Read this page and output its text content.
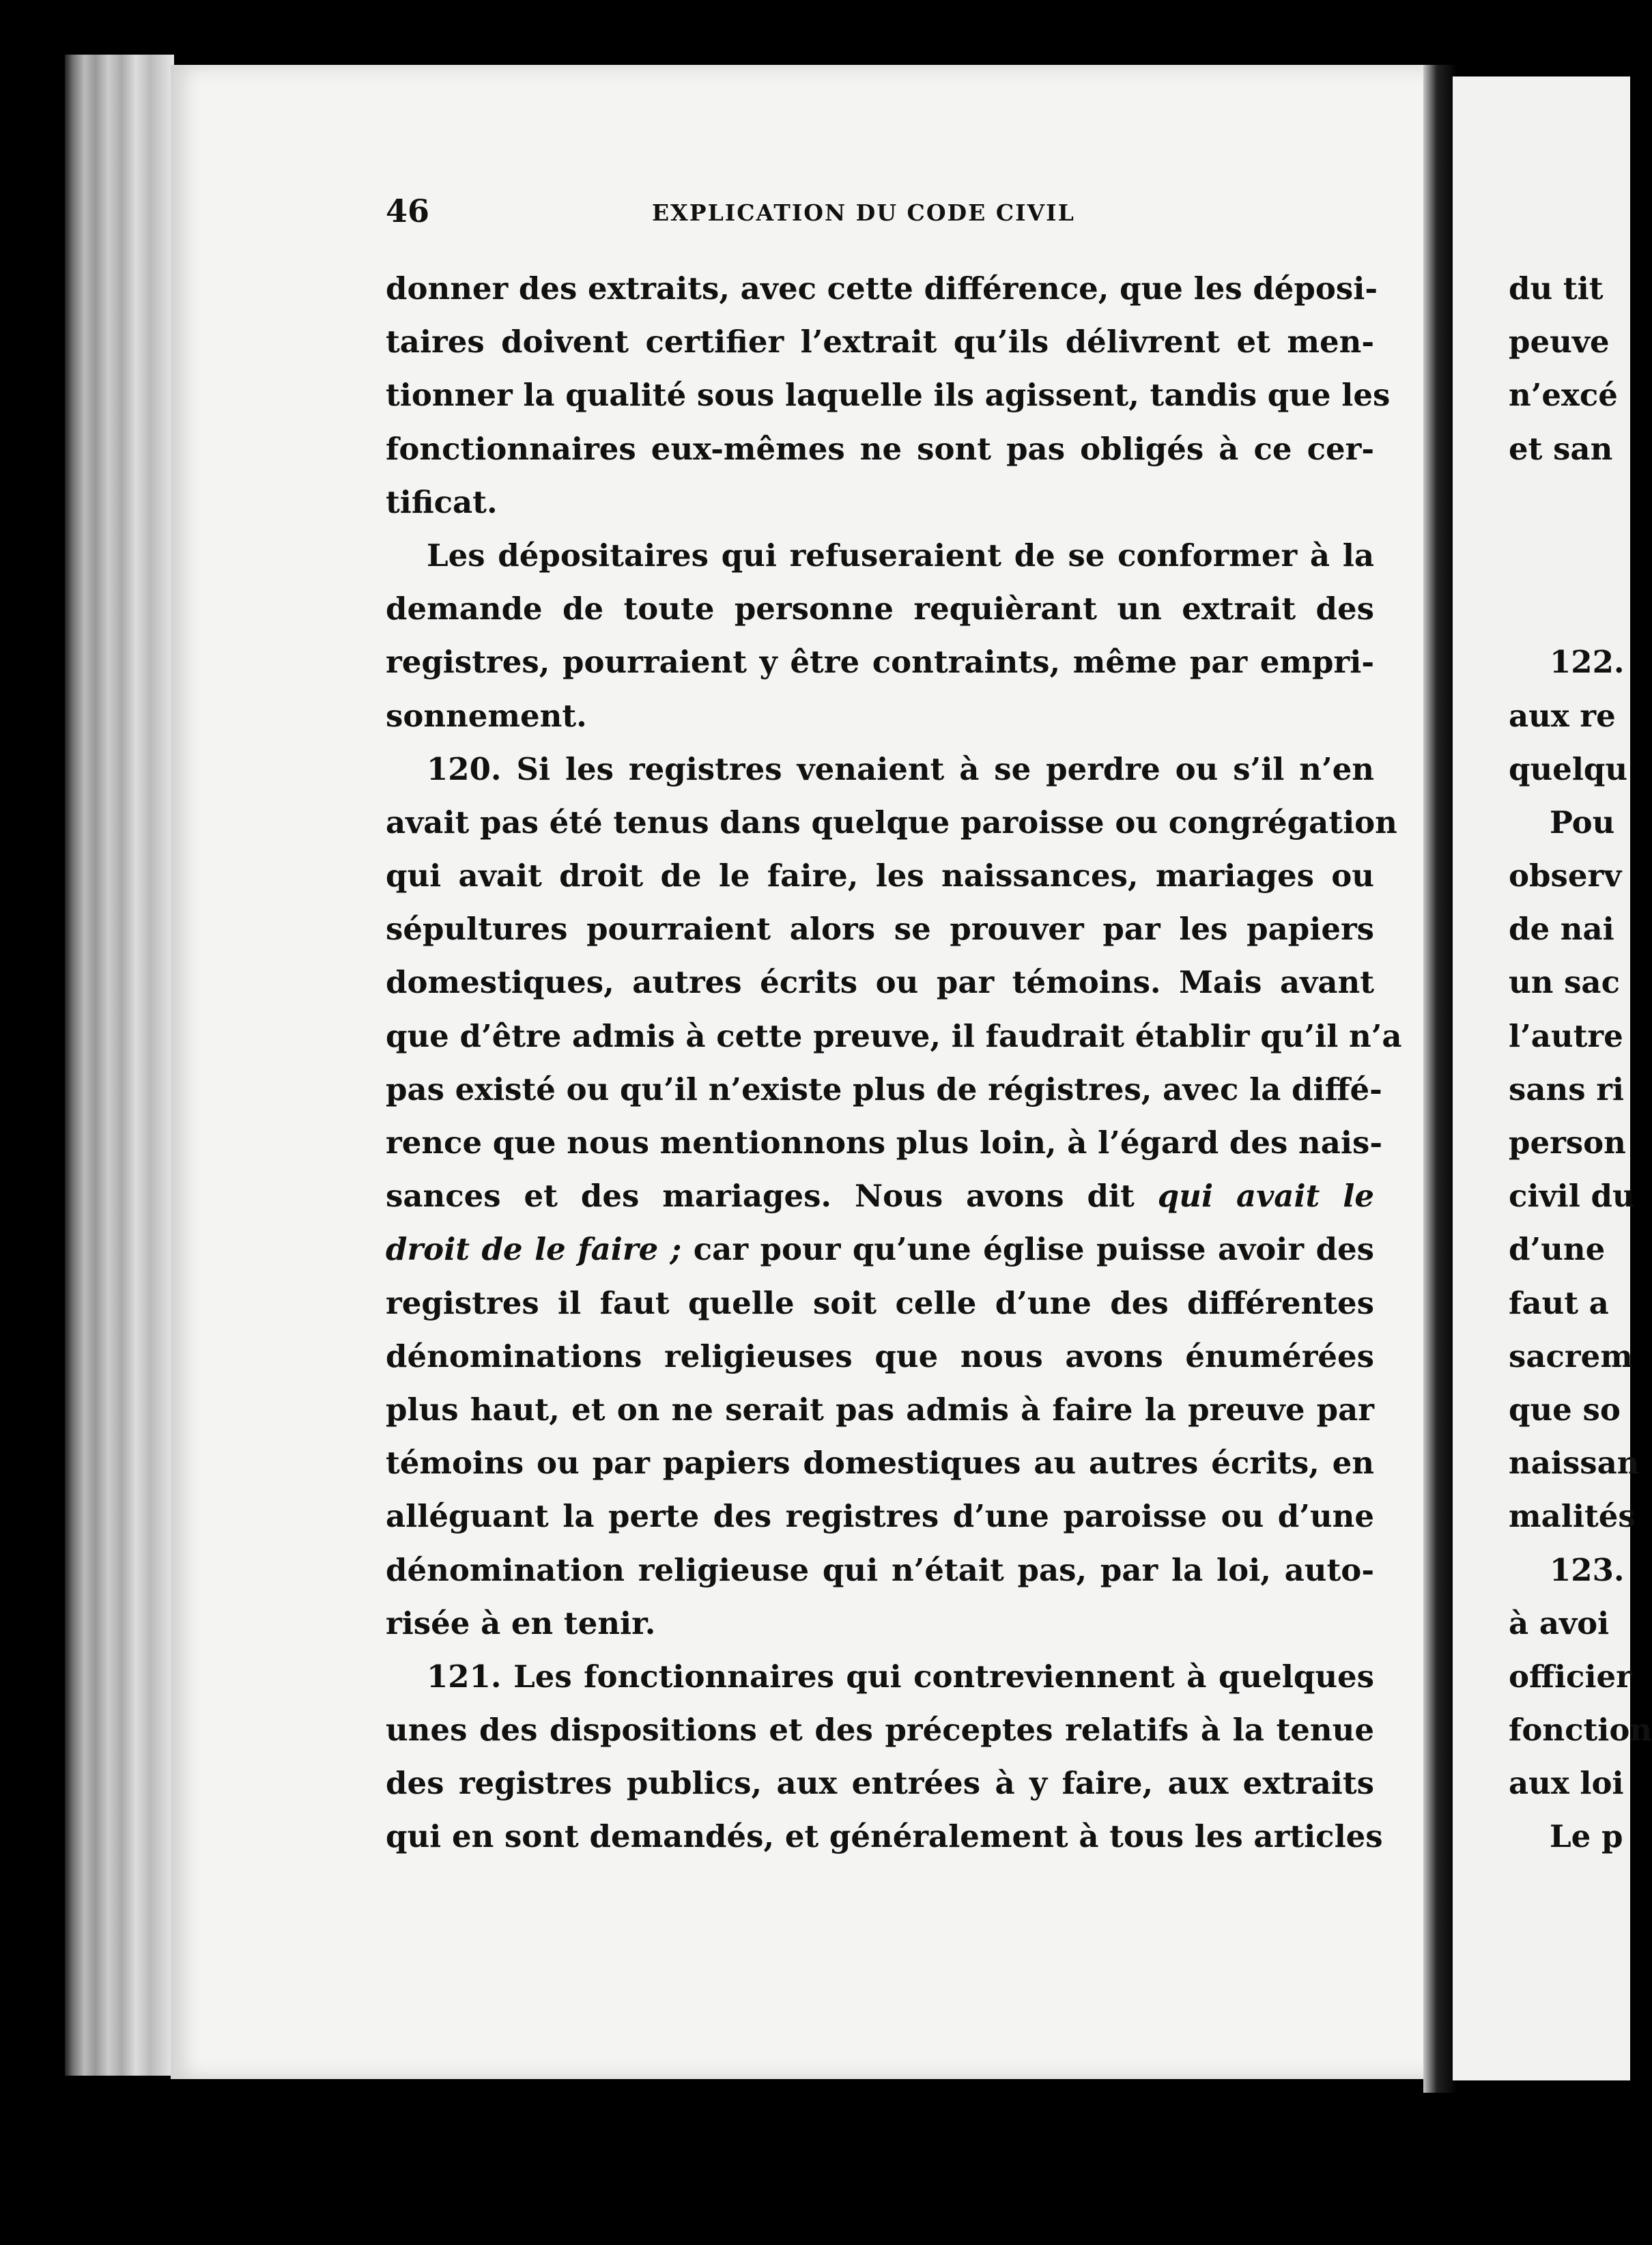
46	EXPLICATION DU CODE CIVIL
donner des extraits, avec cette différence, que les déposi-
taires doivent certifier l’extrait qu’ils délivrent et men-
tionner la qualité sous laquelle ils agissent, tandis que les
fonctionnaires eux-mêmes ne sont pas obligés à ce cer-
tificat.
Les dépositaires qui refuseraient de se conformer à la
demande de toute personne requièrant un extrait des
registres, pourraient y être contraints, même par empri-
sonnement.
120. Si les registres venaient à se perdre ou s’il n’en
avait pas été tenus dans quelque paroisse ou congrégation
qui avait droit de le faire, les naissances, mariages ou
sépultures pourraient alors se prouver par les papiers
domestiques, autres écrits ou par témoins. Mais avant
que d’être admis à cette preuve, il faudrait établir qu’il n’a
pas existé ou qu’il n’existe plus de régistres, avec la diffé-
rence que nous mentionnons plus loin, à l’égard des nais-
sances et des mariages. Nous avons dit qui avait le
droit de le faire ; car pour qu’une église puisse avoir des
registres il faut quelle soit celle d’une des différentes
dénominations religieuses que nous avons énumérées
plus haut, et on ne serait pas admis à faire la preuve par
témoins ou par papiers domestiques au autres écrits, en
alléguant la perte des registres d’une paroisse ou d’une
dénomination religieuse qui n’était pas, par la loi, auto-
risée à en tenir.
121. Les fonctionnaires qui contreviennent à quelques
unes des dispositions et des préceptes relatifs à la tenue
des registres publics, aux entrées à y faire, aux extraits
qui en sont demandés, et généralement à tous les articles
du tit
peuve
n’excé
et san
122.
aux re
quelqu
Pou
observ
de nai
un sac
l’autre
sans ri
person
civil du
d’une
faut a
sacrem
que so
naissan
malités
123.
à avoi
officier
fonction
aux loi
Le p
